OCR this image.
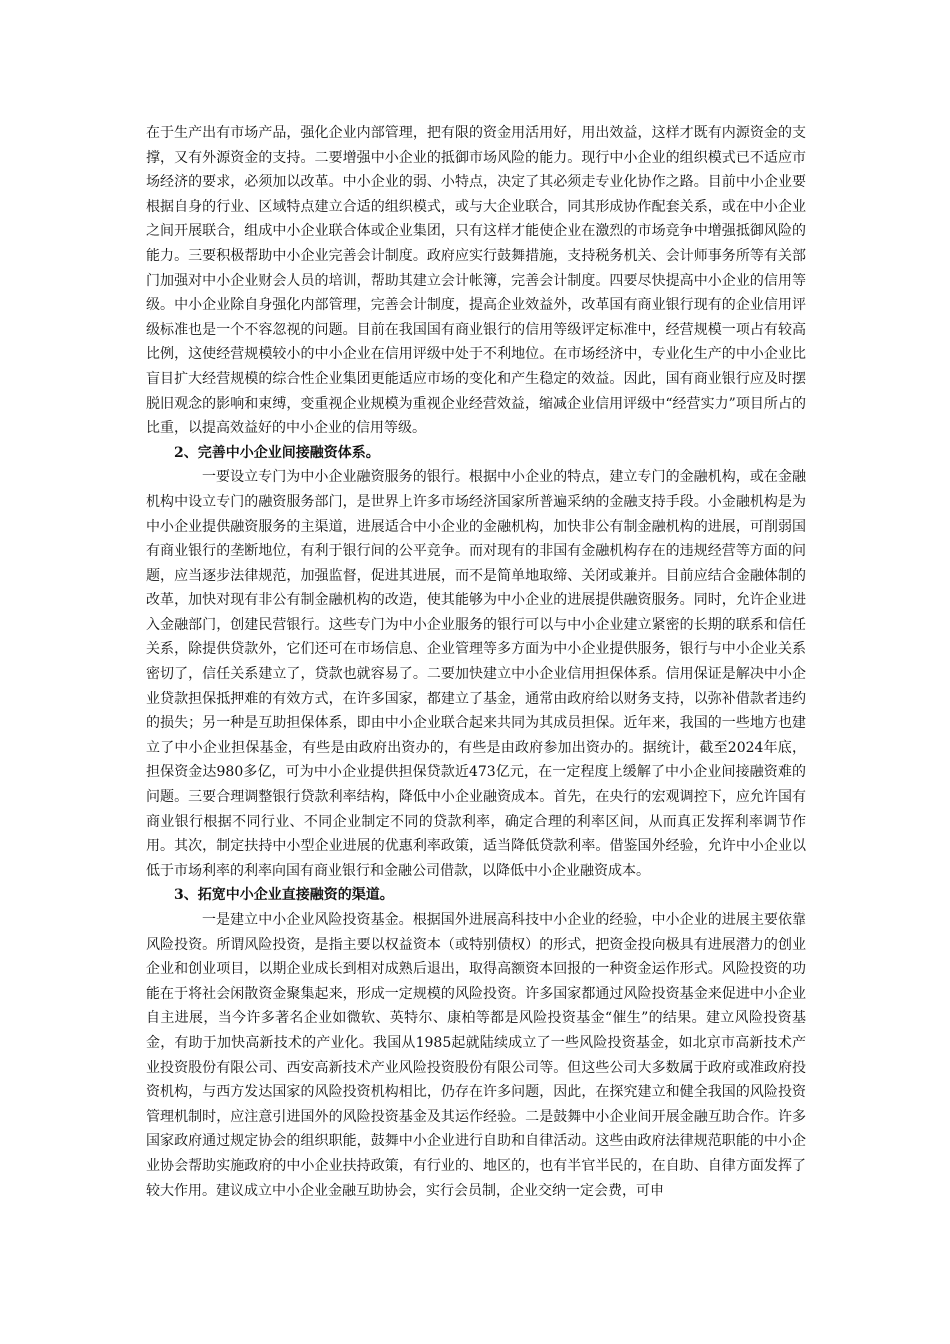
在于生产出有市场产品，强化企业内部管理，把有限的资金用活用好，用出效益，这样才既有内源资金的支撑，又有外源资金的支持。二要增强中小企业的抵御市场风险的能力。现行中小企业的组织模式已不适应市场经济的要求，必须加以改革。中小企业的弱、小特点，决定了其必须走专业化协作之路。目前中小企业要根据自身的行业、区域特点建立合适的组织模式，或与大企业联合，同其形成协作配套关系，或在中小企业之间开展联合，组成中小企业联合体或企业集团，只有这样才能使企业在激烈的市场竞争中增强抵御风险的能力。三要积极帮助中小企业完善会计制度。政府应实行鼓舞措施，支持税务机关、会计师事务所等有关部门加强对中小企业财会人员的培训，帮助其建立会计帐簿，完善会计制度。四要尽快提高中小企业的信用等级。中小企业除自身强化内部管理，完善会计制度，提高企业效益外，改革国有商业银行现有的企业信用评级标准也是一个不容忽视的问题。目前在我国国有商业银行的信用等级评定标准中，经营规模一项占有较高比例，这使经营规模较小的中小企业在信用评级中处于不利地位。在市场经济中，专业化生产的中小企业比盲目扩大经营规模的综合性企业集团更能适应市场的变化和产生稳定的效益。因此，国有商业银行应及时摆脱旧观念的影响和束缚，变重视企业规模为重视企业经营效益，缩减企业信用评级中“经营实力”项目所占的比重，以提高效益好的中小企业的信用等级。

2、完善中小企业间接融资体系。

一要设立专门为中小企业融资服务的银行。根据中小企业的特点，建立专门的金融机构，或在金融机构中设立专门的融资服务部门，是世界上许多市场经济国家所普遍采纳的金融支持手段。小金融机构是为中小企业提供融资服务的主渠道，进展适合中小企业的金融机构，加快非公有制金融机构的进展，可削弱国有商业银行的垄断地位，有利于银行间的公平竞争。而对现有的非国有金融机构存在的违规经营等方面的问题，应当逐步法律规范，加强监督，促进其进展，而不是简单地取缔、关闭或兼并。目前应结合金融体制的改革，加快对现有非公有制金融机构的改造，使其能够为中小企业的进展提供融资服务。同时，允许企业进入金融部门，创建民营银行。这些专门为中小企业服务的银行可以与中小企业建立紧密的长期的联系和信任关系，除提供贷款外，它们还可在市场信息、企业管理等多方面为中小企业提供服务，银行与中小企业关系密切了，信任关系建立了，贷款也就容易了。二要加快建立中小企业信用担保体系。信用保证是解决中小企业贷款担保抵押难的有效方式，在许多国家，都建立了基金，通常由政府给以财务支持，以弥补借款者违约的损失；另一种是互助担保体系，即由中小企业联合起来共同为其成员担保。近年来，我国的一些地方也建立了中小企业担保基金，有些是由政府出资办的，有些是由政府参加出资办的。据统计，截至2024年底，担保资金达980多亿，可为中小企业提供担保贷款近473亿元，在一定程度上缓解了中小企业间接融资难的问题。三要合理调整银行贷款利率结构，降低中小企业融资成本。首先，在央行的宏观调控下，应允许国有商业银行根据不同行业、不同企业制定不同的贷款利率，确定合理的利率区间，从而真正发挥利率调节作用。其次，制定扶持中小型企业进展的优惠利率政策，适当降低贷款利率。借鉴国外经验，允许中小企业以低于市场利率的利率向国有商业银行和金融公司借款，以降低中小企业融资成本。

3、拓宽中小企业直接融资的渠道。

一是建立中小企业风险投资基金。根据国外进展高科技中小企业的经验，中小企业的进展主要依靠风险投资。所谓风险投资，是指主要以权益资本（或特别债权）的形式，把资金投向极具有进展潜力的创业企业和创业项目，以期企业成长到相对成熟后退出，取得高额资本回报的一种资金运作形式。风险投资的功能在于将社会闲散资金聚集起来，形成一定规模的风险投资。许多国家都通过风险投资基金来促进中小企业自主进展，当今许多著名企业如微软、英特尔、康柏等都是风险投资基金“催生”的结果。建立风险投资基金，有助于加快高新技术的产业化。我国从1985起就陆续成立了一些风险投资基金，如北京市高新技术产业投资股份有限公司、西安高新技术产业风险投资股份有限公司等。但这些公司大多数属于政府或准政府投资机构，与西方发达国家的风险投资机构相比，仍存在许多问题，因此，在探究建立和健全我国的风险投资管理机制时，应注意引进国外的风险投资基金及其运作经验。二是鼓舞中小企业间开展金融互助合作。许多国家政府通过规定协会的组织职能，鼓舞中小企业进行自助和自律活动。这些由政府法律规范职能的中小企业协会帮助实施政府的中小企业扶持政策，有行业的、地区的，也有半官半民的，在自助、自律方面发挥了较大作用。建议成立中小企业金融互助协会，实行会员制，企业交纳一定会费，可申
